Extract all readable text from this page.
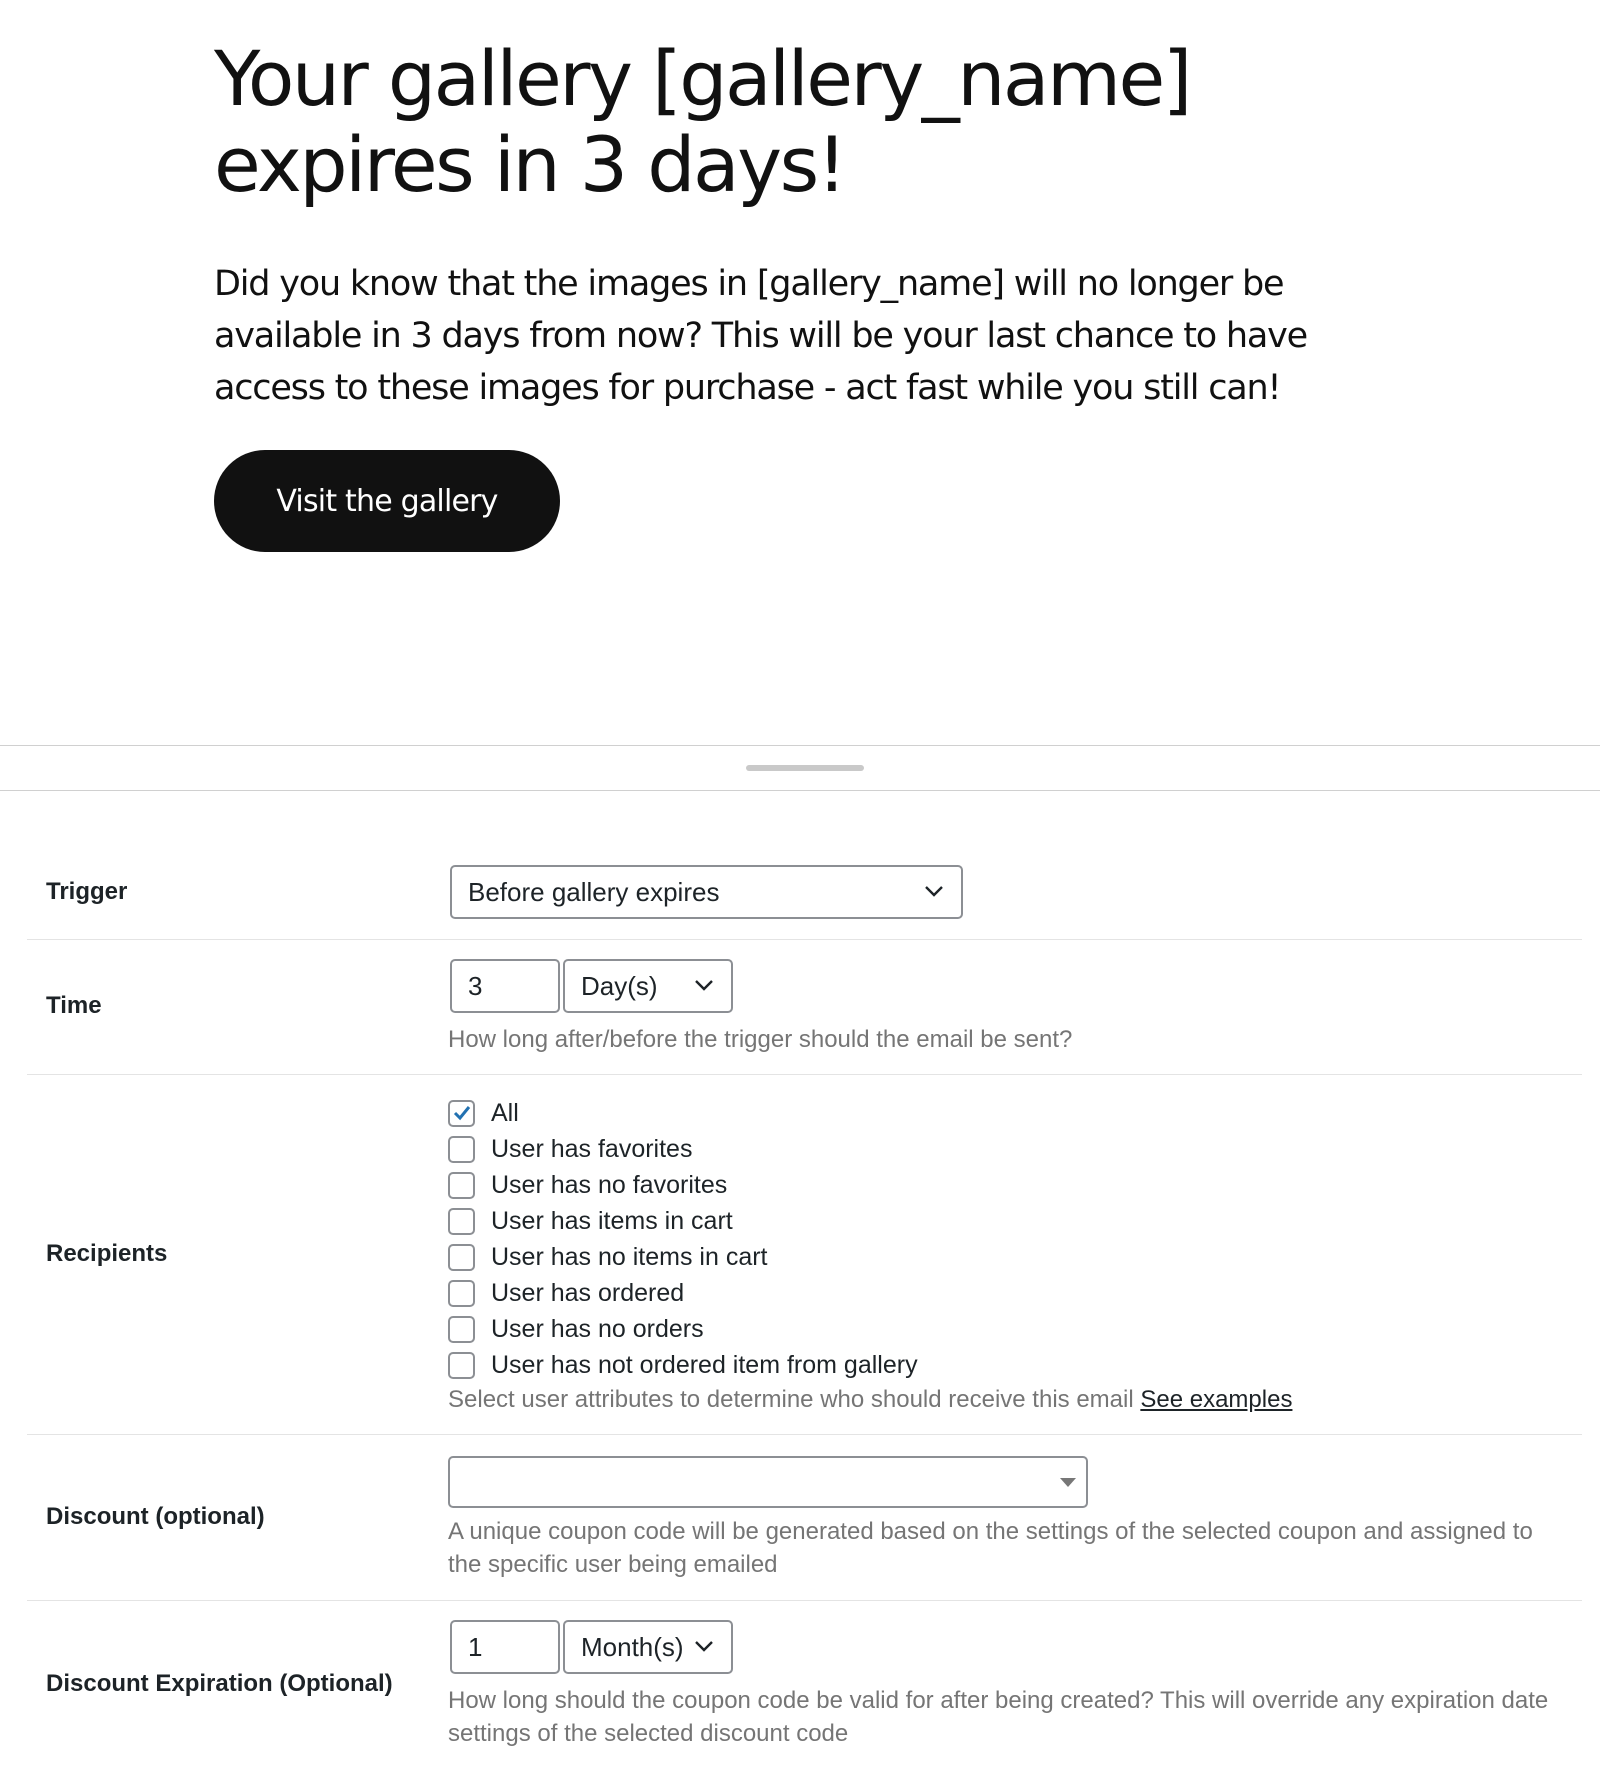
Your gallery [gallery_name] expires in 3 days!

Did you know that the images in [gallery_name] will no longer be available in 3 days from now? This will be your last chance to have access to these images for purchase - act fast while you still can!

Visit the gallery
Trigger	Before gallery expires
Time
3
Day(s)

How long after/before the trigger should the email be sent?

Recipients
All
User has favorites
User has no favorites
User has items in cart
User has no items in cart
User has ordered
User has no orders
User has not ordered item from gallery

Select user attributes to determine who should receive this email See examples

Discount (optional)

A unique coupon code will be generated based on the settings of the selected coupon and assigned to the specific user being emailed

Discount Expiration (Optional)
1
Month(s)

How long should the coupon code be valid for after being created? This will override any expiration date settings of the selected discount code
